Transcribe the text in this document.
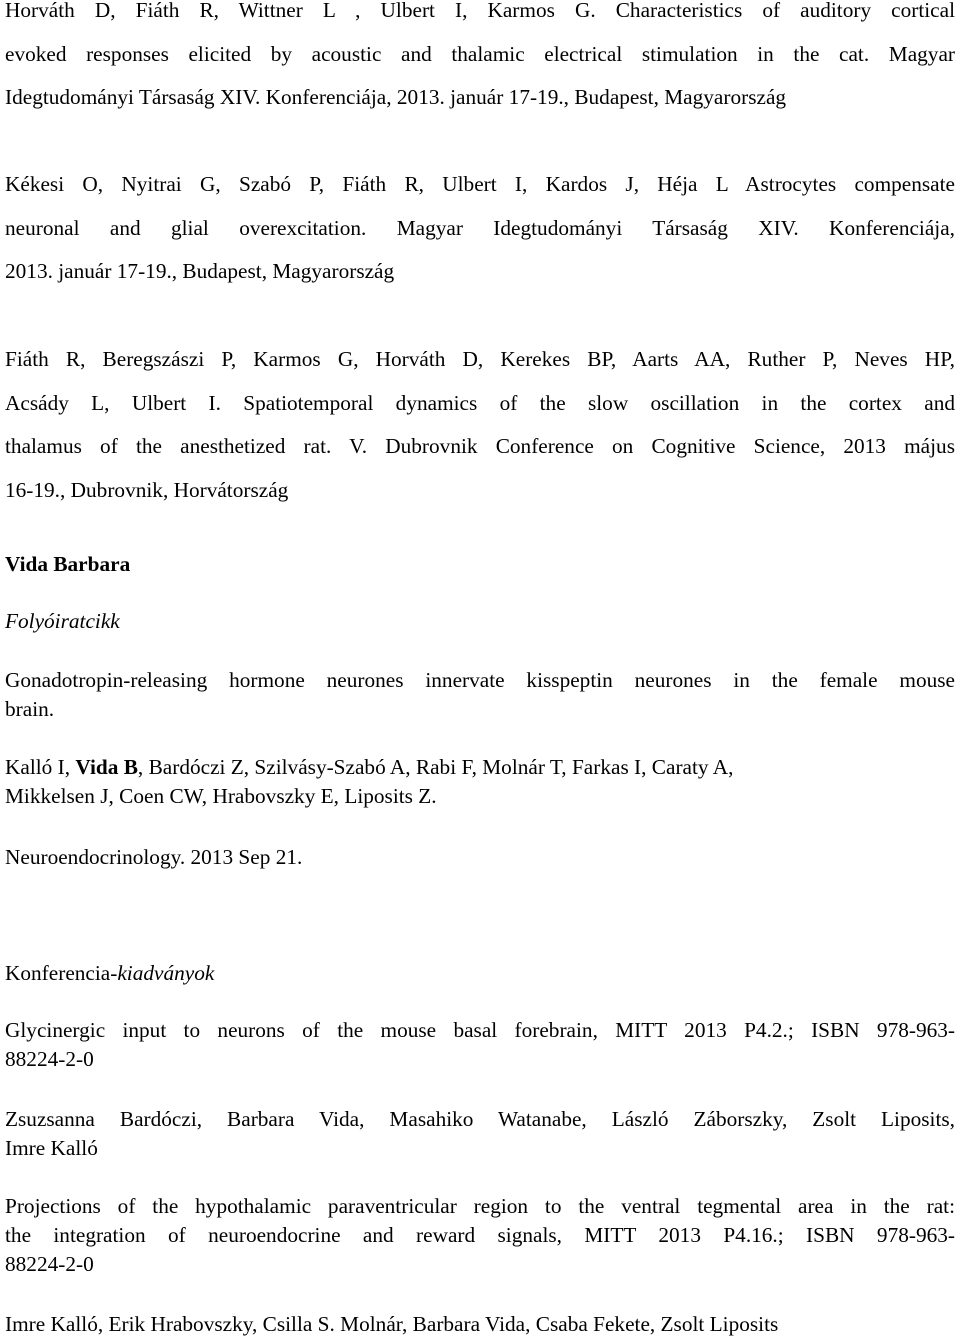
Horváth D, Fiáth R, Wittner L , Ulbert I, Karmos G. Characteristics of auditory cortical
evoked responses elicited by acoustic and thalamic electrical stimulation in the cat. Magyar
Idegtudományi Társaság XIV. Konferenciája, 2013. január 17-19., Budapest, Magyarország

Kékesi O, Nyitrai G, Szabó P, Fiáth R, Ulbert I, Kardos J, Héja L Astrocytes compensate
neuronal and glial overexcitation. Magyar Idegtudományi Társaság XIV. Konferenciája,
2013. január 17-19., Budapest, Magyarország

Fiáth R, Beregszászi P, Karmos G, Horváth D, Kerekes BP, Aarts AA, Ruther P, Neves HP,
Acsády L, Ulbert I. Spatiotemporal dynamics of the slow oscillation in the cortex and
thalamus of the anesthetized rat. V. Dubrovnik Conference on Cognitive Science, 2013 május
16-19., Dubrovnik, Horvátország

Vida Barbara

Folyóiratcikk

Gonadotropin-releasing hormone neurones innervate kisspeptin neurones in the female mouse
brain.

Kalló I, Vida B, Bardóczi Z, Szilvásy-Szabó A, Rabi F, Molnár T, Farkas I, Caraty A,
Mikkelsen J, Coen CW, Hrabovszky E, Liposits Z.

Neuroendocrinology. 2013 Sep 21.

Konferencia-kiadványok

Glycinergic input to neurons of the mouse basal forebrain, MITT 2013 P4.2.; ISBN 978-963-
88224-2-0

Zsuzsanna Bardóczi, Barbara Vida, Masahiko Watanabe, László Záborszky, Zsolt Liposits,
Imre Kalló

Projections of the hypothalamic paraventricular region to the ventral tegmental area in the rat:
the integration of neuroendocrine and reward signals, MITT 2013 P4.16.; ISBN 978-963-
88224-2-0

Imre Kalló, Erik Hrabovszky, Csilla S. Molnár, Barbara Vida, Csaba Fekete, Zsolt Liposits
